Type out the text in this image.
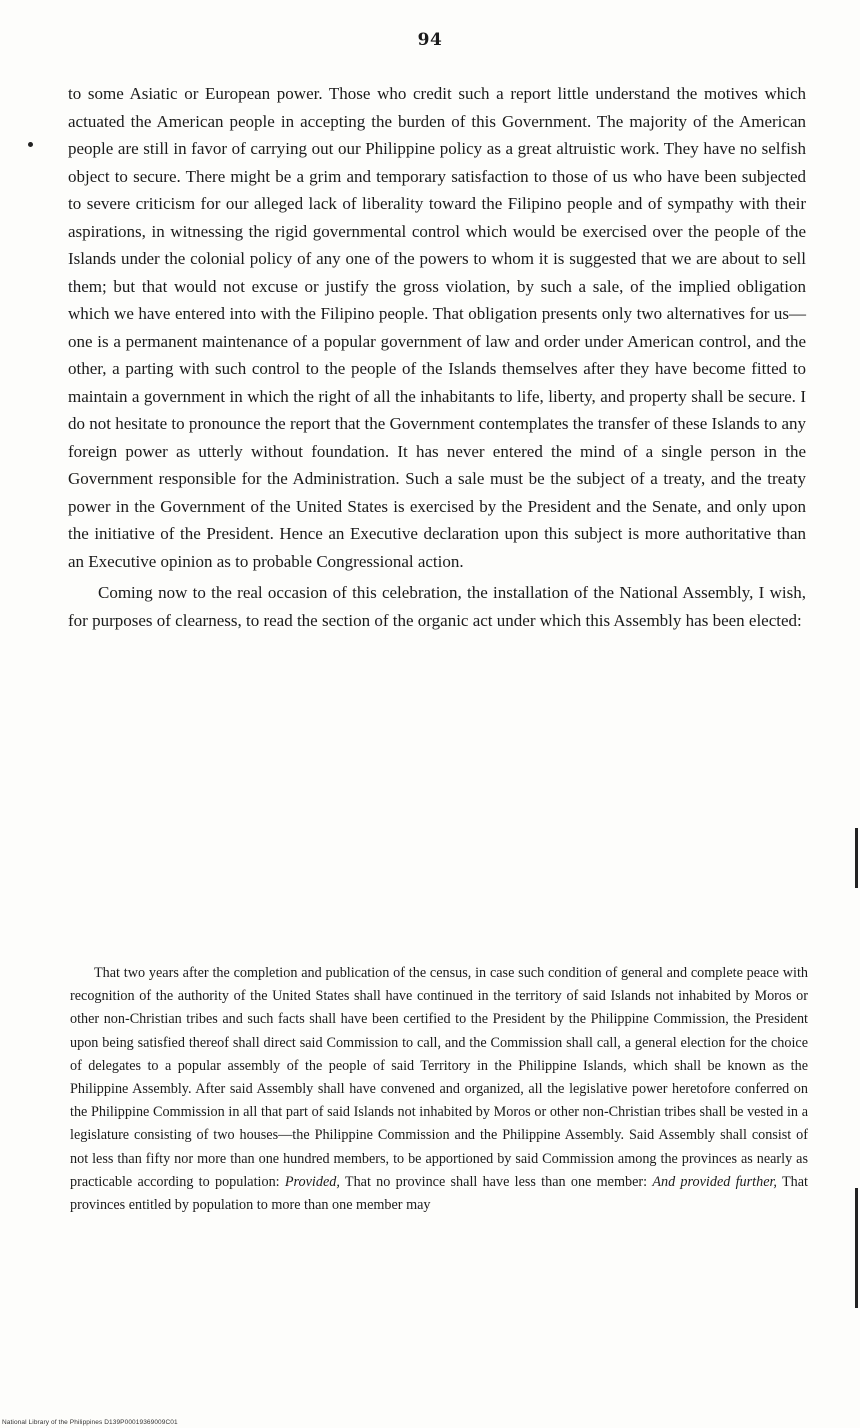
94

to some Asiatic or European power. Those who credit such a report little understand the motives which actuated the American people in accepting the burden of this Government. The majority of the American people are still in favor of carrying out our Philippine policy as a great altruistic work. They have no selfish object to secure. There might be a grim and temporary satisfaction to those of us who have been subjected to severe criticism for our alleged lack of liberality toward the Filipino people and of sympathy with their aspirations, in witnessing the rigid governmental control which would be exercised over the people of the Islands under the colonial policy of any one of the powers to whom it is suggested that we are about to sell them; but that would not excuse or justify the gross violation, by such a sale, of the implied obligation which we have entered into with the Filipino people. That obligation presents only two alternatives for us—one is a permanent maintenance of a popular government of law and order under American control, and the other, a parting with such control to the people of the Islands themselves after they have become fitted to maintain a government in which the right of all the inhabitants to life, liberty, and property shall be secure. I do not hesitate to pronounce the report that the Government contemplates the transfer of these Islands to any foreign power as utterly without foundation. It has never entered the mind of a single person in the Government responsible for the Administration. Such a sale must be the subject of a treaty, and the treaty power in the Government of the United States is exercised by the President and the Senate, and only upon the initiative of the President. Hence an Executive declaration upon this subject is more authoritative than an Executive opinion as to probable Congressional action.

Coming now to the real occasion of this celebration, the installation of the National Assembly, I wish, for purposes of clearness, to read the section of the organic act under which this Assembly has been elected:

That two years after the completion and publication of the census, in case such condition of general and complete peace with recognition of the authority of the United States shall have continued in the territory of said Islands not inhabited by Moros or other non-Christian tribes and such facts shall have been certified to the President by the Philippine Commission, the President upon being satisfied thereof shall direct said Commission to call, and the Commission shall call, a general election for the choice of delegates to a popular assembly of the people of said Territory in the Philippine Islands, which shall be known as the Philippine Assembly. After said Assembly shall have convened and organized, all the legislative power heretofore conferred on the Philippine Commission in all that part of said Islands not inhabited by Moros or other non-Christian tribes shall be vested in a legislature consisting of two houses—the Philippine Commission and the Philippine Assembly. Said Assembly shall consist of not less than fifty nor more than one hundred members, to be apportioned by said Commission among the provinces as nearly as practicable according to population: Provided, That no province shall have less than one member: And provided further, That provinces entitled by population to more than one member may
National Library of the Philippines D139P00019369009C01
